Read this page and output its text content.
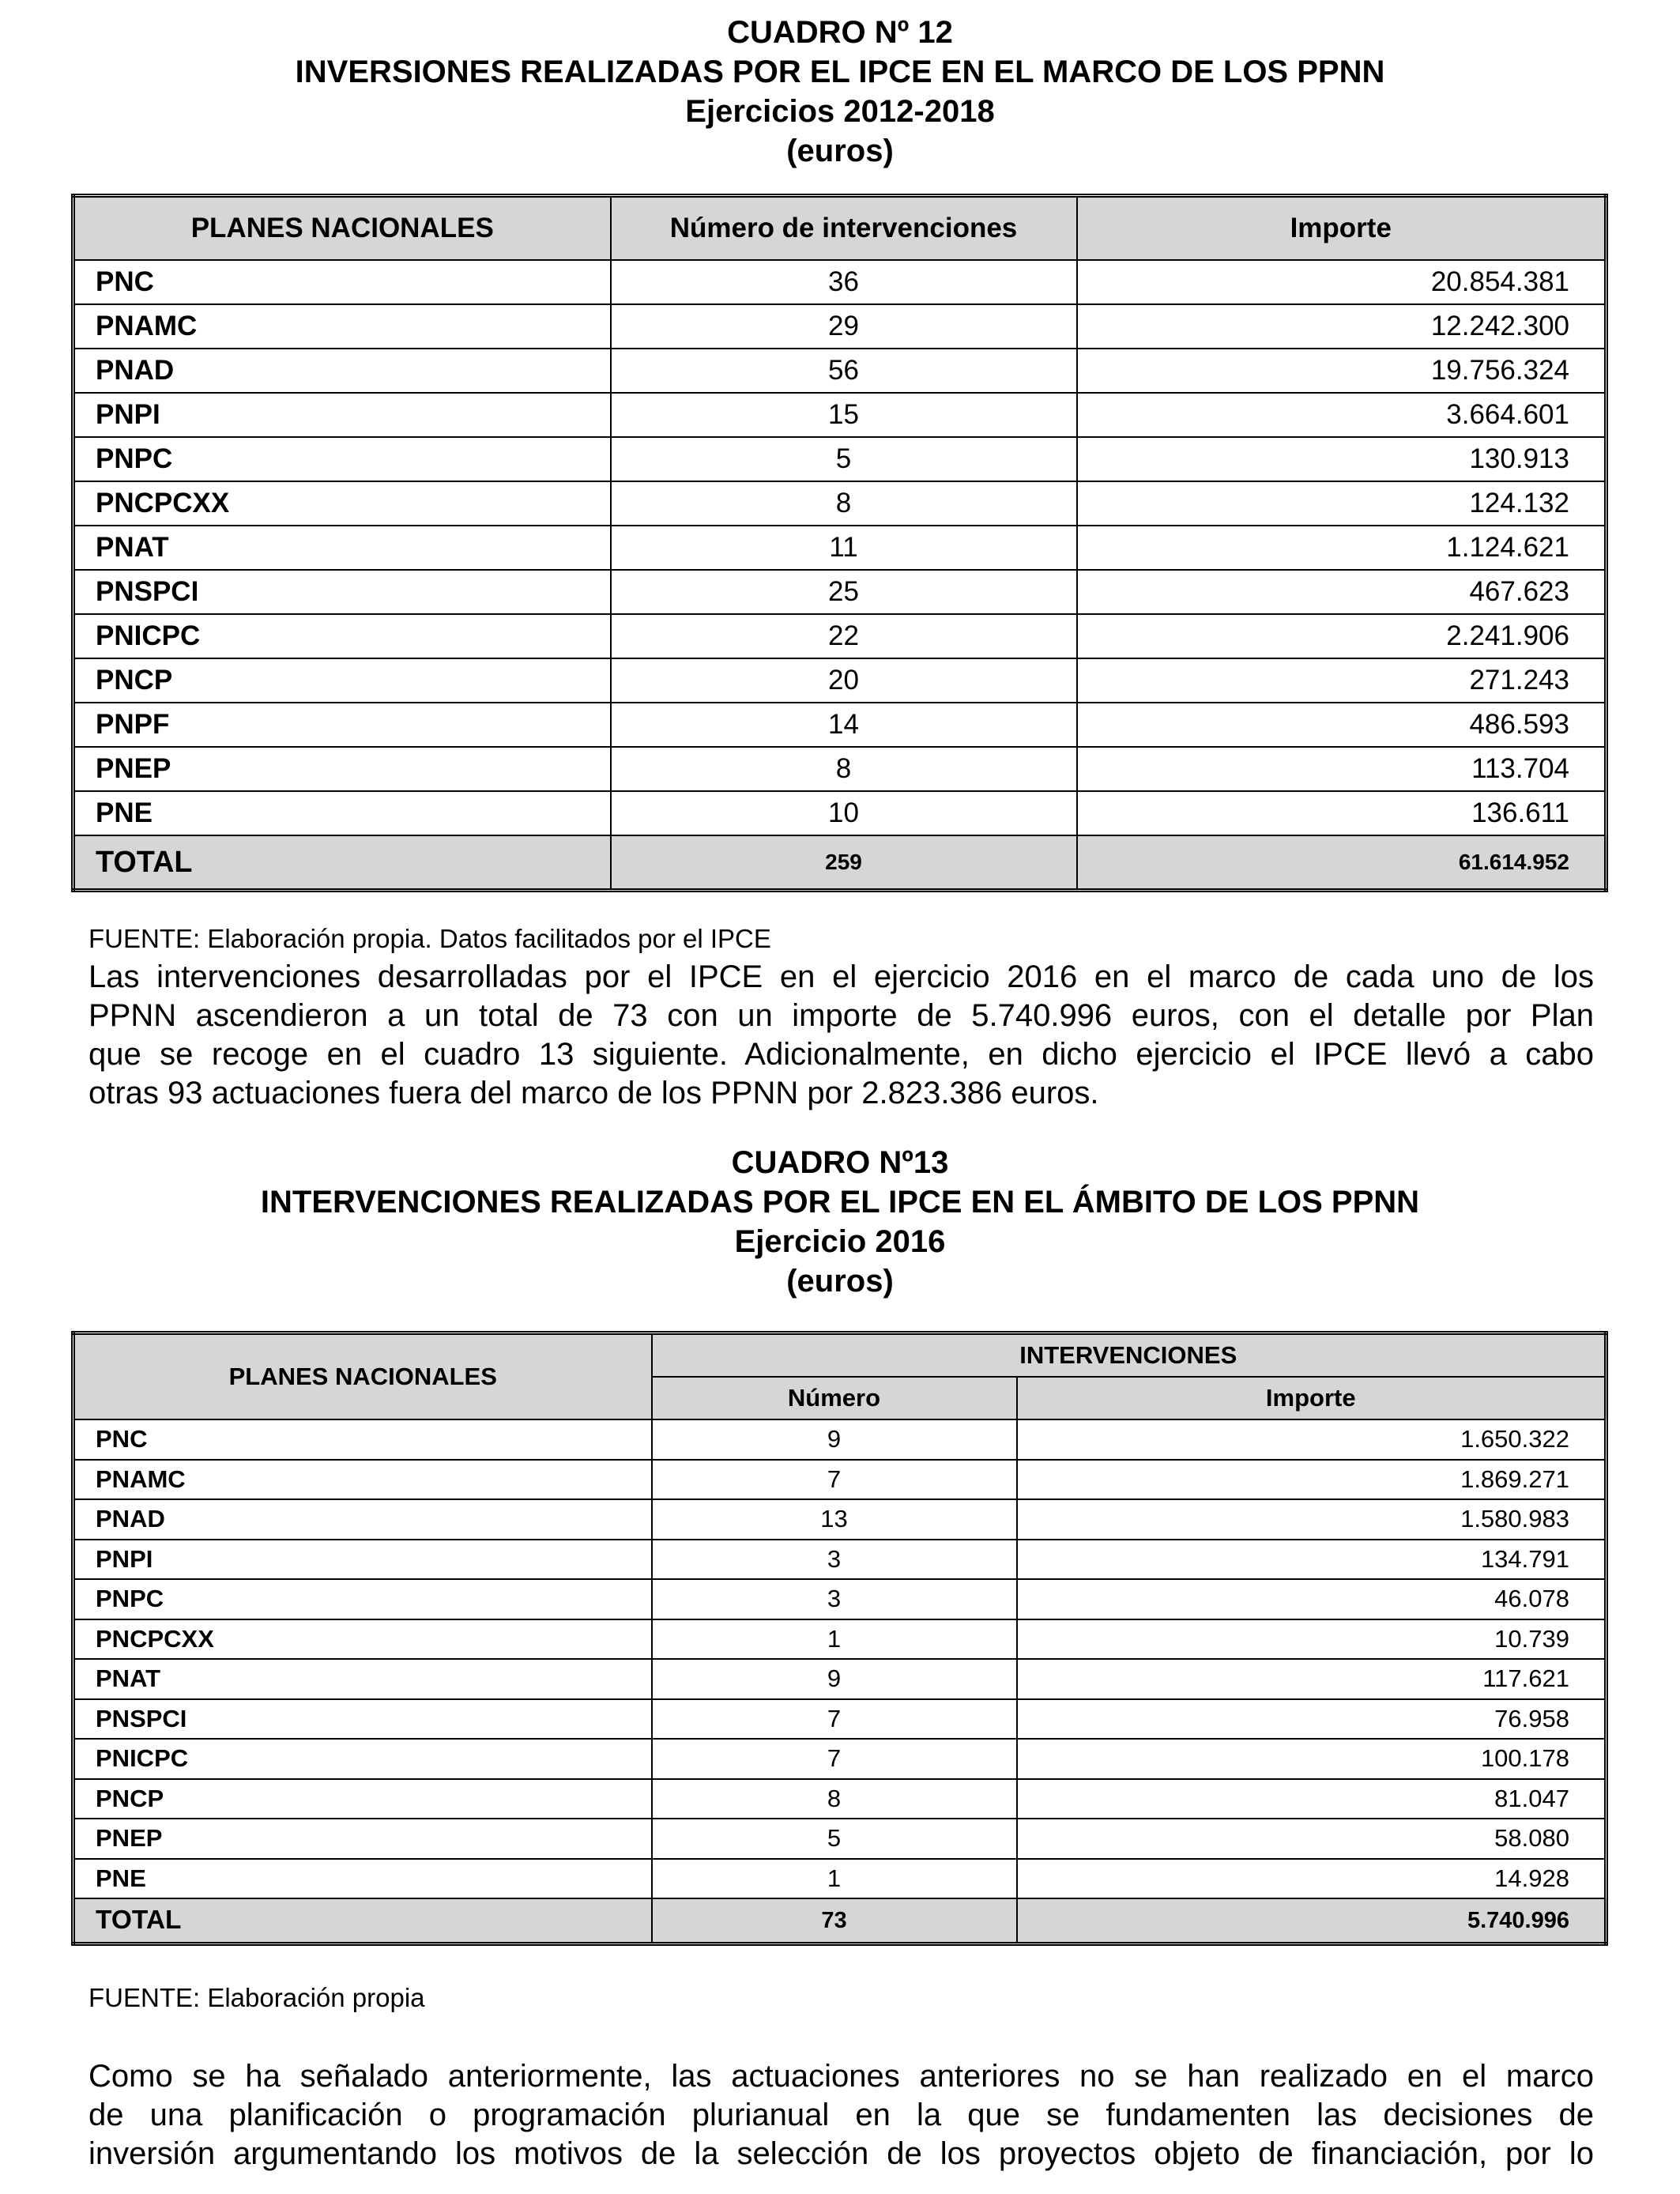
CUADRO Nº 12
INVERSIONES REALIZADAS POR EL IPCE EN EL MARCO DE LOS PPNN
Ejercicios 2012-2018
(euros)
PLANES NACIONALES	Número de intervenciones	Importe
PNC	36	20.854.381
PNAMC	29	12.242.300
PNAD	56	19.756.324
PNPI	15	3.664.601
PNPC	5	130.913
PNCPCXX	8	124.132
PNAT	11	1.124.621
PNSPCI	25	467.623
PNICPC	22	2.241.906
PNCP	20	271.243
PNPF	14	486.593
PNEP	8	113.704
PNE	10	136.611
TOTAL	259	61.614.952
FUENTE: Elaboración propia. Datos facilitados por el IPCE
Las intervenciones desarrolladas por el IPCE en el ejercicio 2016 en el marco de cada uno de los
PPNN ascendieron a un total de 73 con un importe de 5.740.996 euros, con el detalle por Plan
que se recoge en el cuadro 13 siguiente. Adicionalmente, en dicho ejercicio el IPCE llevó a cabo
otras 93 actuaciones fuera del marco de los PPNN por 2.823.386 euros.
CUADRO Nº13
INTERVENCIONES REALIZADAS POR EL IPCE EN EL ÁMBITO DE LOS PPNN
Ejercicio 2016
(euros)
PLANES NACIONALES	INTERVENCIONES	
	Número	Importe
PNC	9	1.650.322
PNAMC	7	1.869.271
PNAD	13	1.580.983
PNPI	3	134.791
PNPC	3	46.078
PNCPCXX	1	10.739
PNAT	9	117.621
PNSPCI	7	76.958
PNICPC	7	100.178
PNCP	8	81.047
PNEP	5	58.080
PNE	1	14.928
TOTAL	73	5.740.996
FUENTE: Elaboración propia
Como se ha señalado anteriormente, las actuaciones anteriores no se han realizado en el marco
de una planificación o programación plurianual en la que se fundamenten las decisiones de
inversión argumentando los motivos de la selección de los proyectos objeto de financiación, por lo
